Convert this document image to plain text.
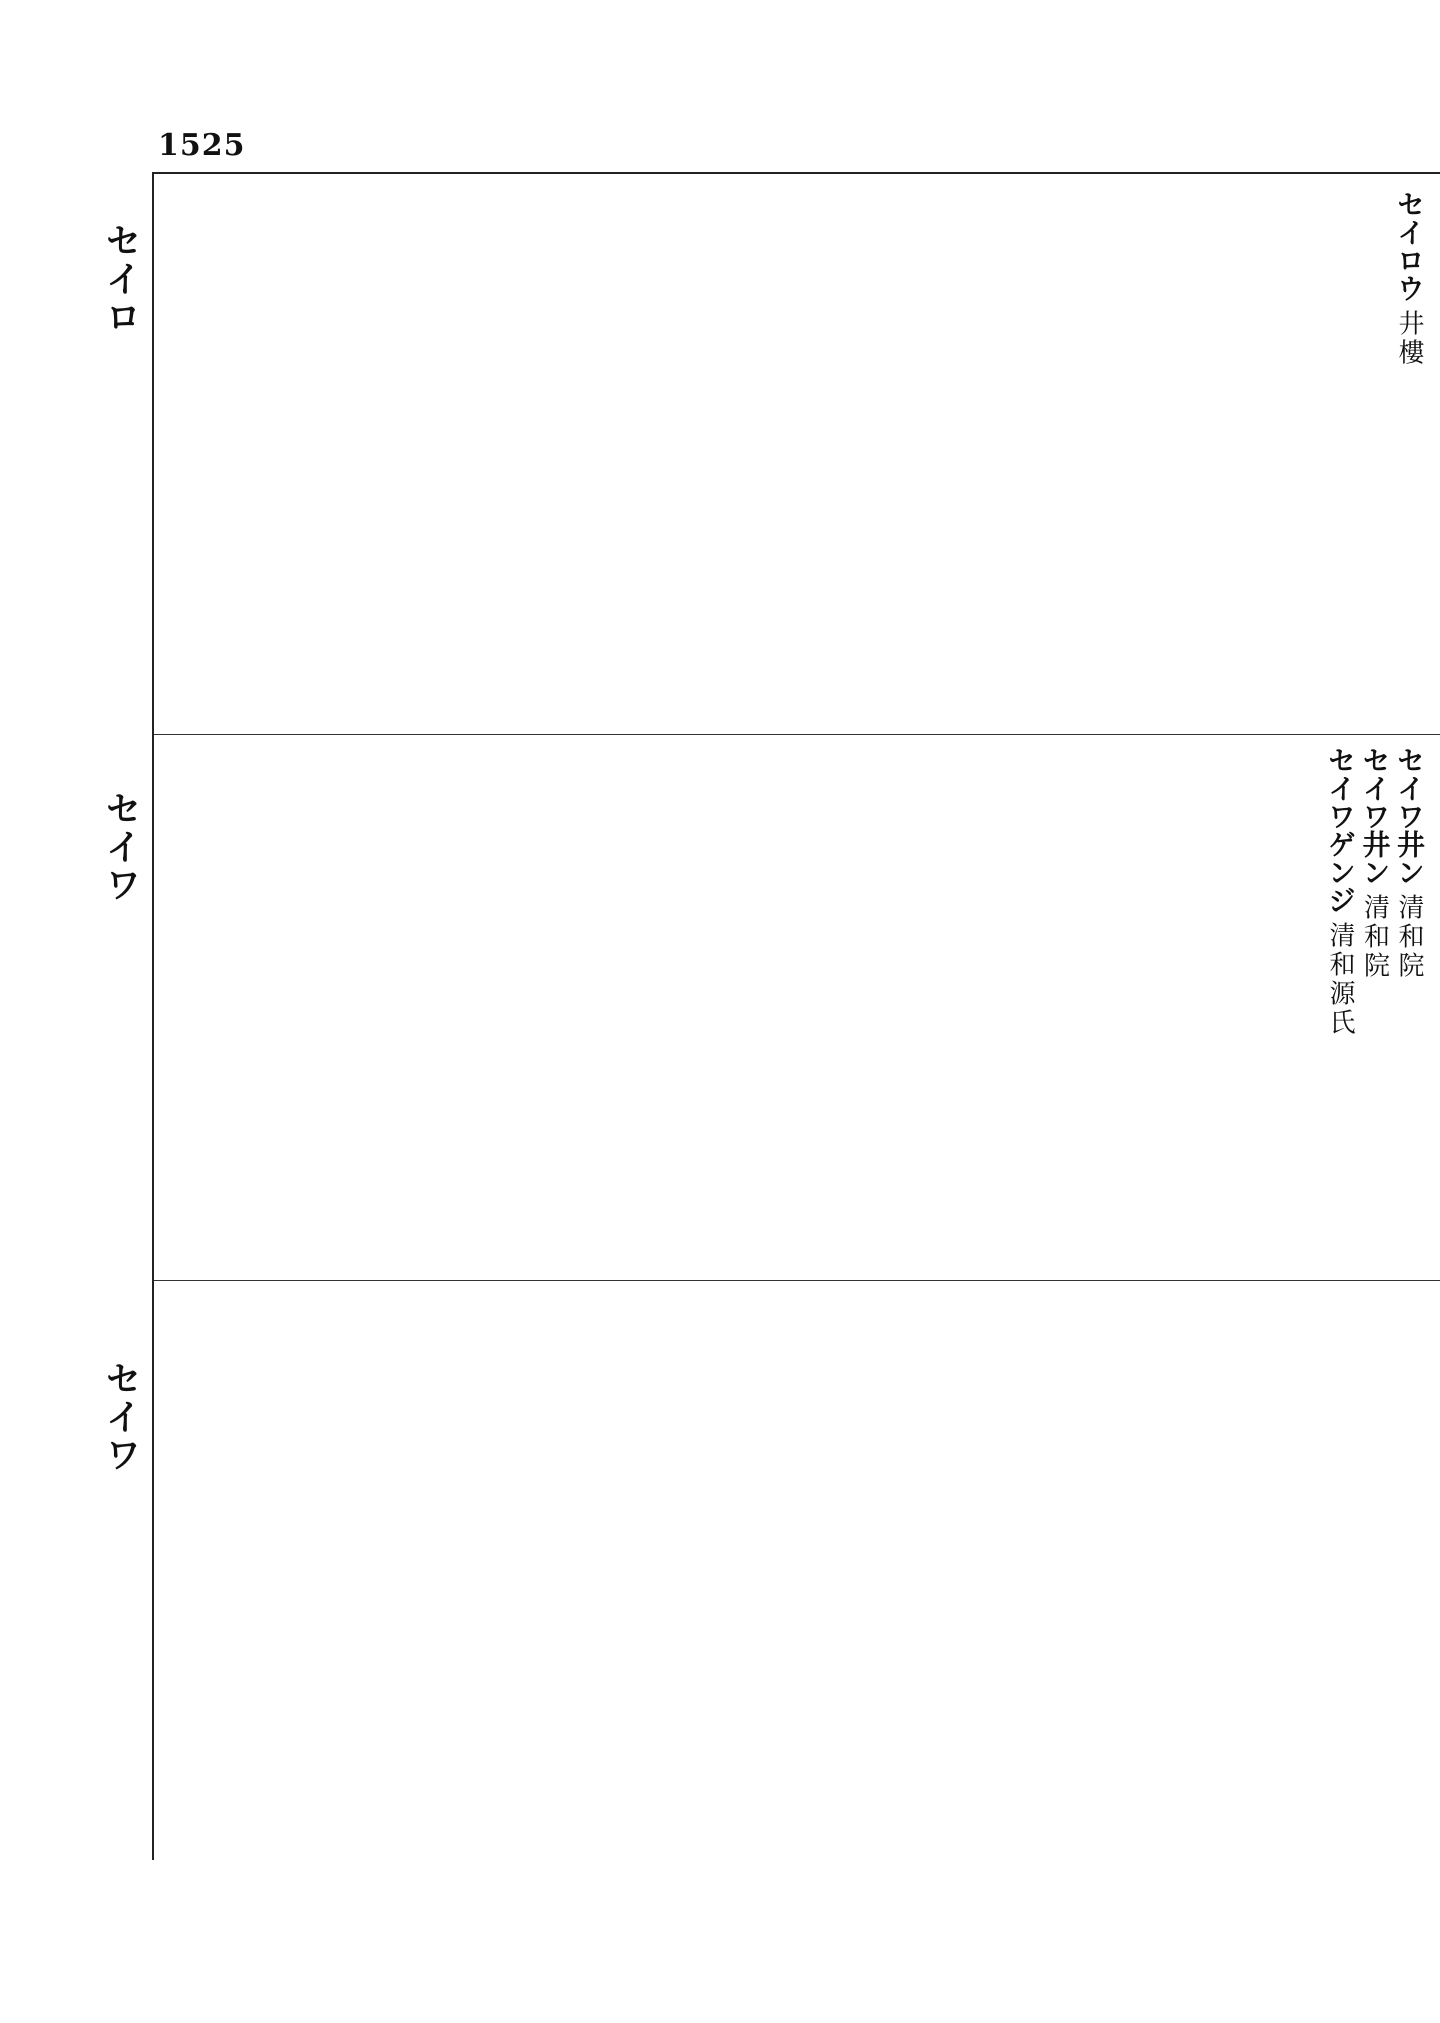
1525
セイロ
セイワ
セイワ

セイロウ 井樓

セイワ井ン 清和院

セイワ井ン 清和院

セイワゲンジ 清和源氏
